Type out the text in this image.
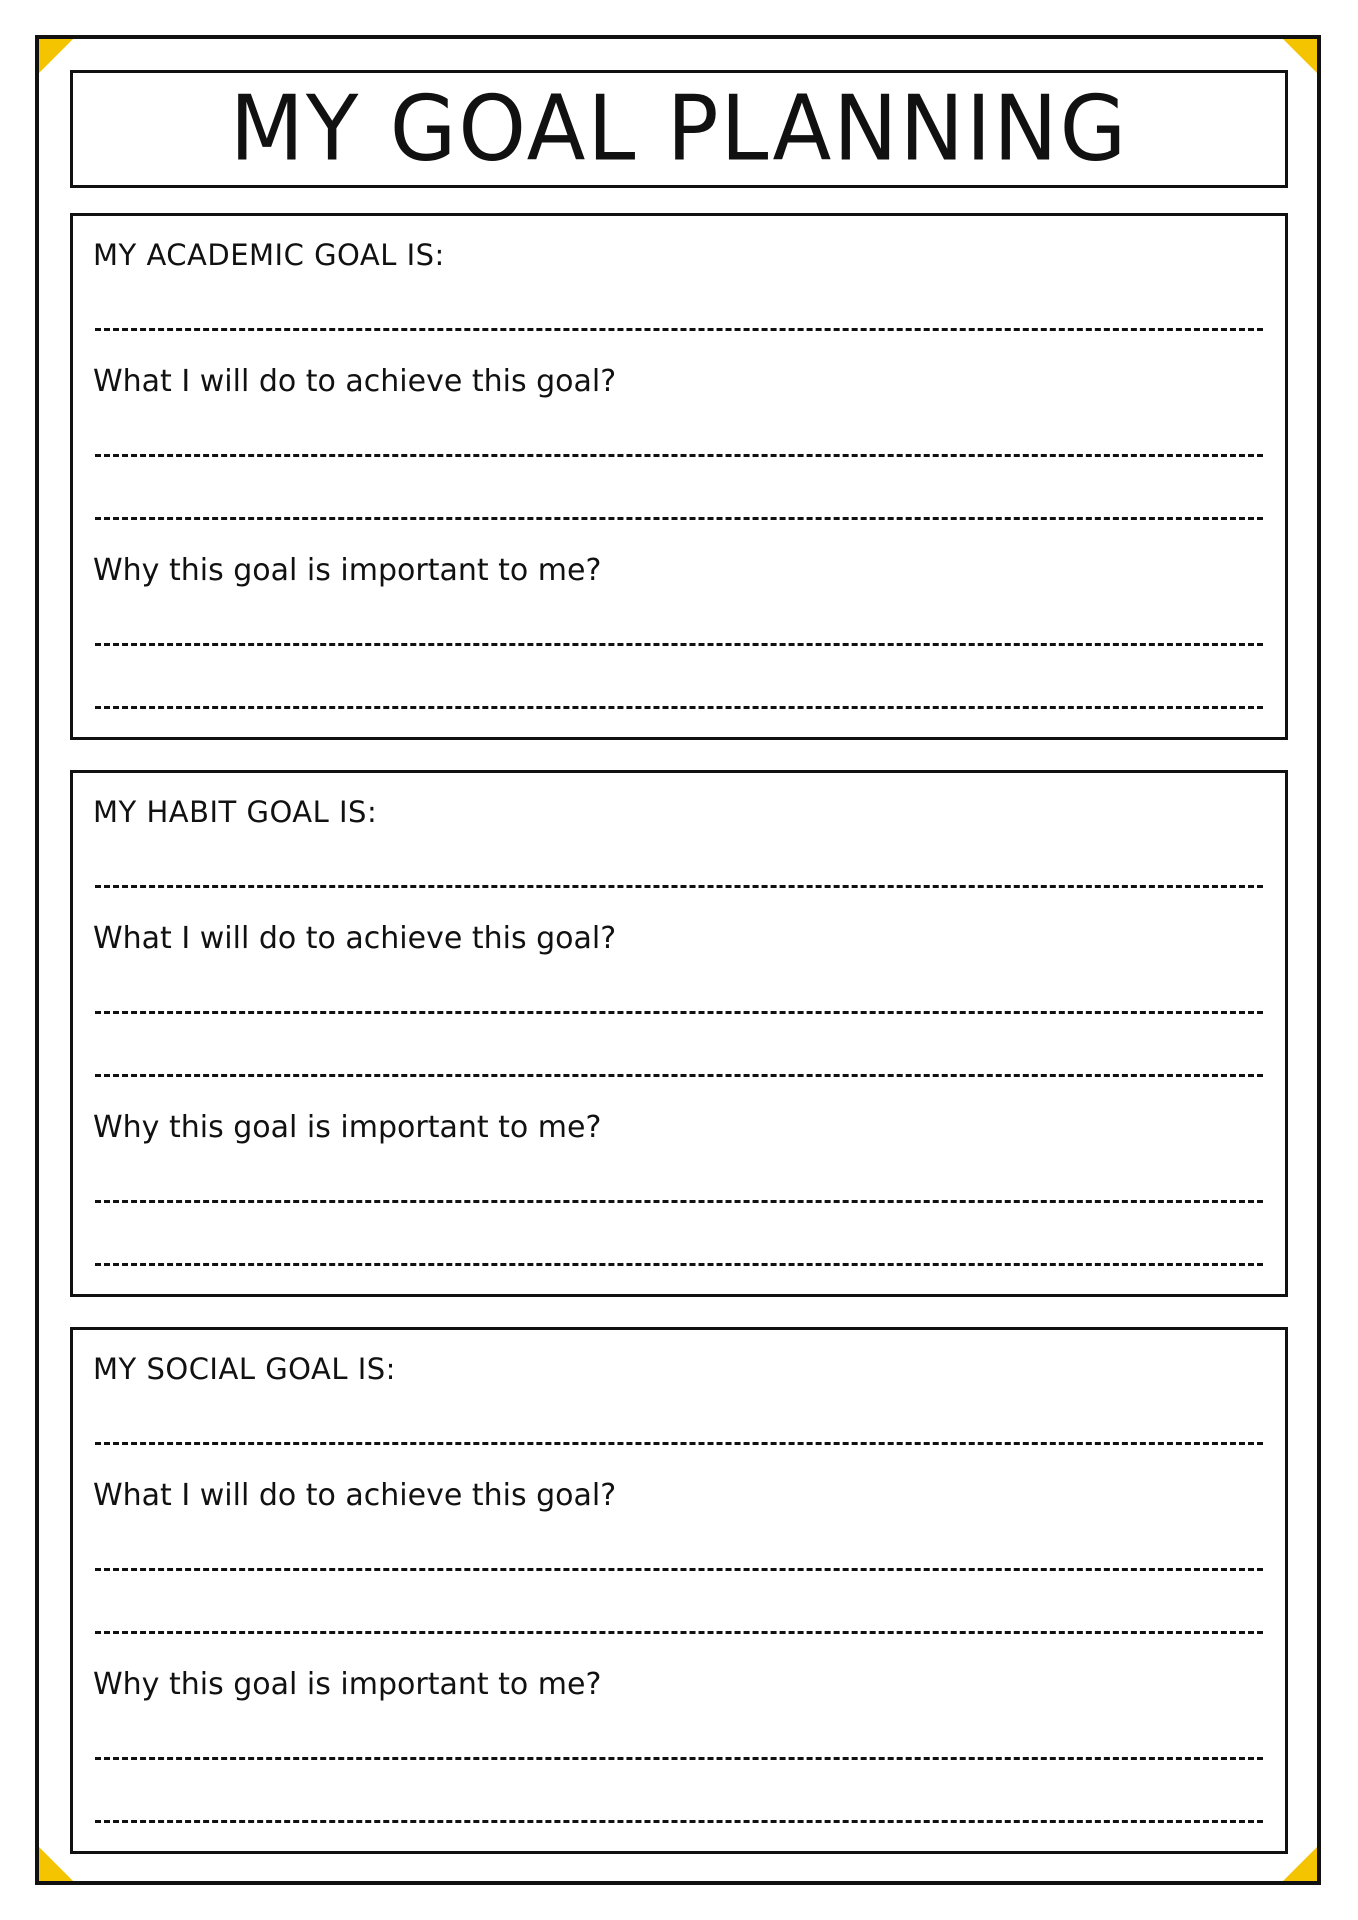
MY GOAL PLANNING
MY ACADEMIC GOAL IS:
What I will do to achieve this goal?
Why this goal is important to me?
MY HABIT GOAL IS:
What I will do to achieve this goal?
Why this goal is important to me?
MY SOCIAL GOAL IS:
What I will do to achieve this goal?
Why this goal is important to me?
